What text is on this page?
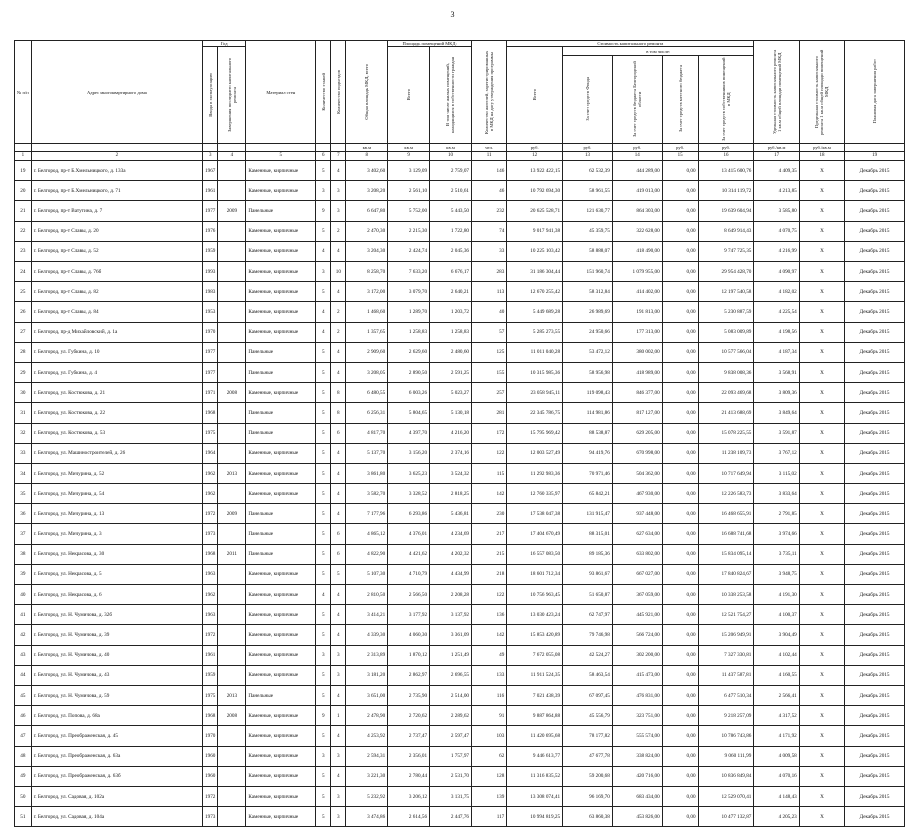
3
№ п/п	Адрес многоквартирного дома	Год		Материал стен	Количество этажей	Количество подъездов	Общая площадь МКД, всего	Площадь помещений МКД:		Количество жителей, зарегистрированных в МКД на дату утверждения программы	Стоимость капитального ремонта					Удельная стоимость капитального ремонта 1 кв.м общей площади помещений МКД	Предельная стоимость капитального ремонта 1 кв.м общей площади помещений МКД	Плановая дата завершения работ
		Ввода в эксплуатацию	Завершения последнего капитального ремонта					Всего	В том числе жилых помещений, находящихся в собственности граждан		Всего	в том числе:						
												За счет средств Фонда	За счет средств бюджета Белгородской области	За счет средств местного бюджета	За счет средств собственников помещений в МКД			
							кв.м	кв.м	кв.м	чел.	руб.	руб.	руб.	руб.	руб.	руб./кв.м	руб./кв.м	
1	2	3	4	5	6	7	8	9	10	11	12	13	14	15	16	17	18	19
19	г. Белгород, пр-т Б.Хмельницкого, д. 133а	1967		Каменные, кирпичные	5	4	3 402,60	3 129,09	2 759,07	146	13 922 422,15	62 532,39	444 289,00	0,00	13 415 600,76	4 409,35	X	Декабрь 2015
20	г. Белгород, пр-т Б.Хмельницкого, д. 71	1961		Каменные, кирпичные	3	3	3 208,20	2 561,10	2 510,61	46	10 792 694,30	58 961,55	419 013,00	0,00	10 314 119,72	4 213,85	X	Декабрь 2015
21	г. Белгород, пр-т Ватутина, д. 7	1977	2009	Панельные	9	3	6 647,80	5 752,00	5 443,50	232	20 625 528,71	121 630,77	864 303,00	0,00	19 639 604,94	3 585,80	X	Декабрь 2015
22	г. Белгород, пр-т Славы, д. 20	1976		Каменные, кирпичные	5	2	2 470,30	2 215,30	1 722,80	74	9 017 941,38	45 359,75	322 628,00	0,00	8 649 914,43	4 070,75	X	Декабрь 2015
23	г. Белгород, пр-т Славы, д. 52	1959		Каменные, кирпичные	4	4	3 204,30	2 424,74	2 045,36	33	10 225 103,42	58 888,07	418 490,00	0,00	9 747 725,35	4 216,99	X	Декабрь 2015
24	г. Белгород, пр-т Славы, д. 76б	1993		Каменные, кирпичные	3	10	8 258,70	7 633,20	6 676,17	283	31 186 304,44	151 960,74	1 079 955,00	0,00	29 954 428,70	4 090,97	X	Декабрь 2015
25	г. Белгород, пр-т Славы, д. 82	1983		Каменные, кирпичные	5	4	3 172,00	3 079,70	2 640,21	113	12 670 255,42	58 312,84	414 402,00	0,00	12 197 540,58	4 182,02	X	Декабрь 2015
26	г. Белгород, пр-т Славы, д. 84	1953		Каменные, кирпичные	4	2	1 468,60	1 289,70	1 203,72	40	5 449 689,28	26 989,69	191 813,00	0,00	5 230 887,59	4 225,54	X	Декабрь 2015
27	г. Белгород, пр-д Михайловский, д. 1а	1970		Каменные, кирпичные	4	2	1 357,65	1 258,83	1 258,83	57	5 285 273,55	24 950,66	177 313,00	0,00	5 083 009,89	4 198,56	X	Декабрь 2015
28	г. Белгород, ул. Губкина, д. 10	1977		Панельные	5	4	2 909,60	2 629,60	2 480,60	125	11 011 040,28	53 472,12	380 002,00	0,00	10 577 566,04	4 187,34	X	Декабрь 2015
29	г. Белгород, ул. Губкина, д. 4	1977		Панельные	5	4	3 208,05	2 890,50	2 591,25	155	10 315 985,36	58 956,98	418 989,00	0,00	9 838 008,36	3 568,91	X	Декабрь 2015
30	г. Белгород, ул. Костюкова, д. 21	1971	2008	Каменные, кирпичные	5	8	6 480,55	6 003,26	5 023,27	257	23 058 945,11	119 098,43	846 377,00	0,00	22 093 469,68	3 809,36	X	Декабрь 2015
31	г. Белгород, ул. Костюкова, д. 22	1968		Панельные	5	8	6 256,31	5 804,65	5 130,18	281	22 345 786,75	114 981,86	817 127,00	0,00	21 413 688,69	3 849,64	X	Декабрь 2015
32	г. Белгород, ул. Костюкова, д. 53	1975		Панельные	5	6	4 817,70	4 397,70	4 216,20	172	15 795 969,42	88 538,87	629 205,00	0,00	15 078 225,55	3 591,87	X	Декабрь 2015
33	г. Белгород, ул. Машиностроителей, д. 26	1964		Каменные, кирпичные	5	4	5 137,70	3 156,20	2 374,16	122	12 003 527,49	94 419,76	670 998,00	0,00	11 238 109,73	3 767,12	X	Декабрь 2015
34	г. Белгород, ул. Мичурина, д. 52	1962	2013	Каменные, кирпичные	5	4	3 861,80	3 625,23	3 524,32	115	11 292 983,36	70 971,46	504 362,00	0,00	10 717 649,94	3 115,02	X	Декабрь 2015
35	г. Белгород, ул. Мичурина, д. 54	1962		Каменные, кирпичные	5	4	3 582,70	3 328,52	2 818,25	142	12 760 335,97	65 842,21	467 930,00	0,00	12 226 583,73	3 833,64	X	Декабрь 2015
36	г. Белгород, ул. Мичурина, д. 13	1972	2009	Панельные	5	4	7 177,96	6 293,86	5 436,81	230	17 538 047,38	131 915,47	937 448,00	0,00	16 468 655,91	2 791,85	X	Декабрь 2015
37	г. Белгород, ул. Мичурина, д. 3	1973		Панельные	5	6	4 865,12	4 376,01	4 234,69	217	17 404 670,49	88 315,01	627 634,00	0,00	16 688 741,68	3 974,66	X	Декабрь 2015
38	г. Белгород, ул. Некрасова, д. 30	1968	2011	Панельные	5	6	4 822,90	4 421,62	4 202,32	215	16 557 083,50	89 185,36	633 802,00	0,00	15 834 095,14	3 735,11	X	Декабрь 2015
39	г. Белгород, ул. Некрасова, д. 5	1963		Каменные, кирпичные	5	5	5 107,30	4 710,79	4 434,99	218	18 601 712,34	93 861,67	667 027,00	0,00	17 840 824,67	3 948,75	X	Декабрь 2015
40	г. Белгород, ул. Некрасова, д. 6	1962		Каменные, кирпичные	4	4	2 810,50	2 566,50	2 208,28	122	10 756 963,45	51 650,87	367 059,00	0,00	10 338 253,58	4 191,30	X	Декабрь 2015
41	г. Белгород, ул. Н. Чумичова, д. 32б	1963		Каменные, кирпичные	5	4	3 414,21	3 177,92	3 137,92	136	13 030 423,24	62 747,97	445 921,00	0,00	12 521 754,27	4 100,37	X	Декабрь 2015
42	г. Белгород, ул. Н. Чумичова, д. 39	1972		Каменные, кирпичные	5	4	4 339,30	4 060,30	3 361,09	142	15 853 420,89	79 746,98	566 724,00	0,00	15 206 949,91	3 904,49	X	Декабрь 2015
43	г. Белгород, ул. Н. Чумичова, д. 40	1961		Каменные, кирпичные	3	3	2 313,89	1 870,12	1 251,49	49	7 672 055,08	42 524,27	302 200,00	0,00	7 327 330,81	4 102,44	X	Декабрь 2015
44	г. Белгород, ул. Н. Чумичова, д. 43	1959		Каменные, кирпичные	5	3	3 181,20	2 862,97	2 696,55	133	11 911 524,35	58 463,54	415 473,00	0,00	11 437 587,81	4 160,55	X	Декабрь 2015
45	г. Белгород, ул. Н. Чумичова, д. 59	1975	2013	Панельные	5	4	3 651,00	2 735,90	2 514,00	116	7 021 438,39	67 097,45	476 831,00	0,00	6 477 510,34	2 566,41	X	Декабрь 2015
46	г. Белгород, ул. Попова, д. 68а	1968	2008	Каменные, кирпичные	9	1	2 478,90	2 720,62	2 289,62	91	9 887 864,88	45 556,79	323 751,00	0,00	9 218 257,09	4 317,52	X	Декабрь 2015
47	г. Белгород, ул. Преображенская, д. 45	1970		Каменные, кирпичные	5	4	4 253,92	2 737,47	2 597,47	103	11 420 695,68	78 177,82	555 574,00	0,00	10 786 743,86	4 171,92	X	Декабрь 2015
48	г. Белгород, ул. Преображенская, д. 63а	1960		Каменные, кирпичные	3	3	2 594,31	2 356,01	1 757,97	62	9 446 613,77	47 677,78	338 824,00	0,00	9 060 111,99	4 009,58	X	Декабрь 2015
49	г. Белгород, ул. Преображенская, д. 63б	1960		Каменные, кирпичные	5	4	3 221,30	2 780,44	2 531,70	128	11 316 835,52	59 200,68	420 716,00	0,00	10 836 849,84	4 070,16	X	Декабрь 2015
50	г. Белгород, ул. Садовая, д. 102а	1972		Каменные, кирпичные	5	3	5 232,92	3 206,12	3 131,75	139	13 308 074,41	96 169,70	683 434,00	0,00	12 529 070,41	4 148,43	X	Декабрь 2015
51	г. Белгород, ул. Садовая, д. 104а	1973		Каменные, кирпичные	5	3	3 474,86	2 614,56	2 447,76	117	10 994 819,25	63 860,38	453 826,00	0,00	10 477 132,87	4 205,23	X	Декабрь 2015
